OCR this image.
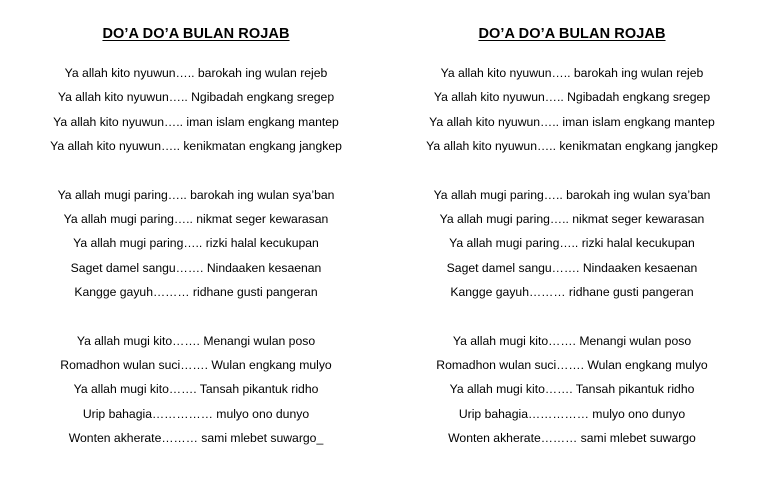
DO’A DO’A BULAN ROJAB
Ya allah kito nyuwun….. barokah ing wulan rejeb
Ya allah kito nyuwun….. Ngibadah engkang sregep
Ya allah kito nyuwun….. iman islam engkang mantep
Ya allah kito nyuwun….. kenikmatan engkang jangkep
Ya allah mugi paring….. barokah ing wulan sya’ban
Ya allah mugi paring….. nikmat seger kewarasan
Ya allah mugi paring….. rizki halal kecukupan
Saget damel sangu……. Nindaaken kesaenan
Kangge gayuh……… ridhane gusti pangeran
Ya allah mugi kito……. Menangi wulan poso
Romadhon wulan suci……. Wulan engkang mulyo
Ya allah mugi kito……. Tansah pikantuk ridho
Urip bahagia…………… mulyo ono dunyo
Wonten akherate……… sami mlebet suwargo_
DO’A DO’A BULAN ROJAB
Ya allah kito nyuwun….. barokah ing wulan rejeb
Ya allah kito nyuwun….. Ngibadah engkang sregep
Ya allah kito nyuwun….. iman islam engkang mantep
Ya allah kito nyuwun….. kenikmatan engkang jangkep
Ya allah mugi paring….. barokah ing wulan sya’ban
Ya allah mugi paring….. nikmat seger kewarasan
Ya allah mugi paring….. rizki halal kecukupan
Saget damel sangu……. Nindaaken kesaenan
Kangge gayuh……… ridhane gusti pangeran
Ya allah mugi kito……. Menangi wulan poso
Romadhon wulan suci……. Wulan engkang mulyo
Ya allah mugi kito……. Tansah pikantuk ridho
Urip bahagia…………… mulyo ono dunyo
Wonten akherate……… sami mlebet suwargo
